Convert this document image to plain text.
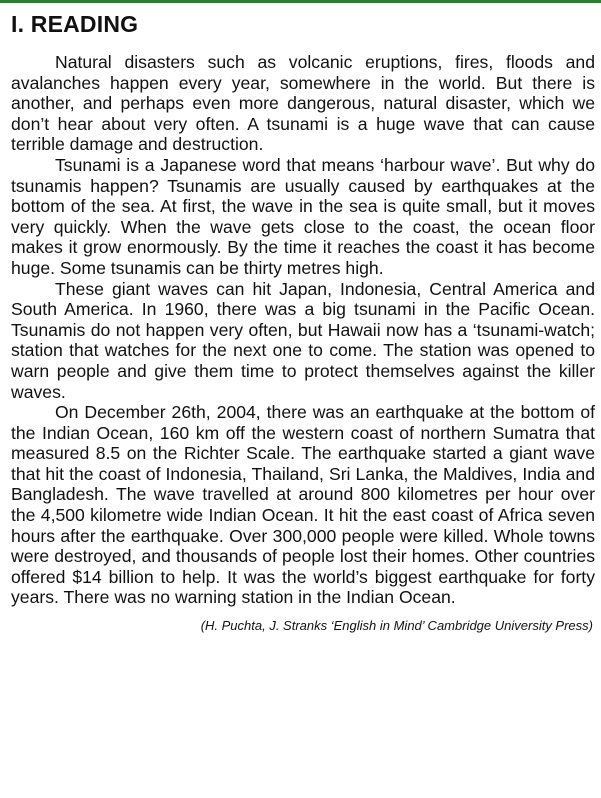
I. READING

Natural disasters such as volcanic eruptions, fires, floods and avalanches happen every year, somewhere in the world. But there is another, and perhaps even more dangerous, natural disaster, which we don’t hear about very often. A tsunami is a huge wave that can cause terrible damage and destruction.

Tsunami is a Japanese word that means ‘harbour wave’. But why do tsunamis happen? Tsunamis are usually caused by earthquakes at the bottom of the sea. At first, the wave in the sea is quite small, but it moves very quickly. When the wave gets close to the coast, the ocean floor makes it grow enormously. By the time it reaches the coast it has become huge. Some tsunamis can be thirty metres high.

These giant waves can hit Japan, Indonesia, Central America and South America. In 1960, there was a big tsunami in the Pacific Ocean. Tsunamis do not happen very often, but Hawaii now has a ‘tsunami-watch; station that watches for the next one to come. The station was opened to warn people and give them time to protect themselves against the killer waves.

On December 26th, 2004, there was an earthquake at the bottom of the Indian Ocean, 160 km off the western coast of northern Sumatra that measured 8.5 on the Richter Scale. The earthquake started a giant wave that hit the coast of Indonesia, Thailand, Sri Lanka, the Maldives, India and Bangladesh. The wave travelled at around 800 kilometres per hour over the 4,500 kilometre wide Indian Ocean. It hit the east coast of Africa seven hours after the earthquake. Over 300,000 people were killed. Whole towns were destroyed, and thousands of people lost their homes. Other countries offered $14 billion to help. It was the world’s biggest earthquake for forty years. There was no warning station in the Indian Ocean.

(H. Puchta, J. Stranks ‘English in Mind’ Cambridge University Press)
